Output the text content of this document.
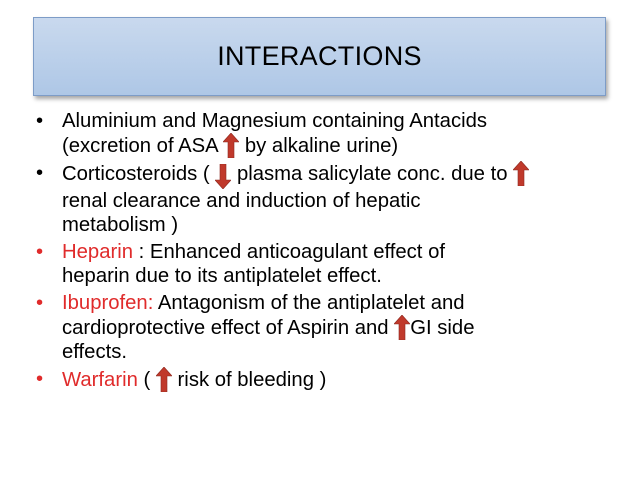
INTERACTIONS
• Aluminium and Magnesium containing Antacids
(excretion of ASA by alkaline urine)
• Corticosteroids ( plasma salicylate conc. due to
renal clearance and induction of hepatic
metabolism )
• Heparin : Enhanced anticoagulant effect of
heparin due to its antiplatelet effect.
• Ibuprofen: Antagonism of the antiplatelet and
cardioprotective effect of Aspirin and GI side
effects.
• Warfarin (  risk of bleeding )
